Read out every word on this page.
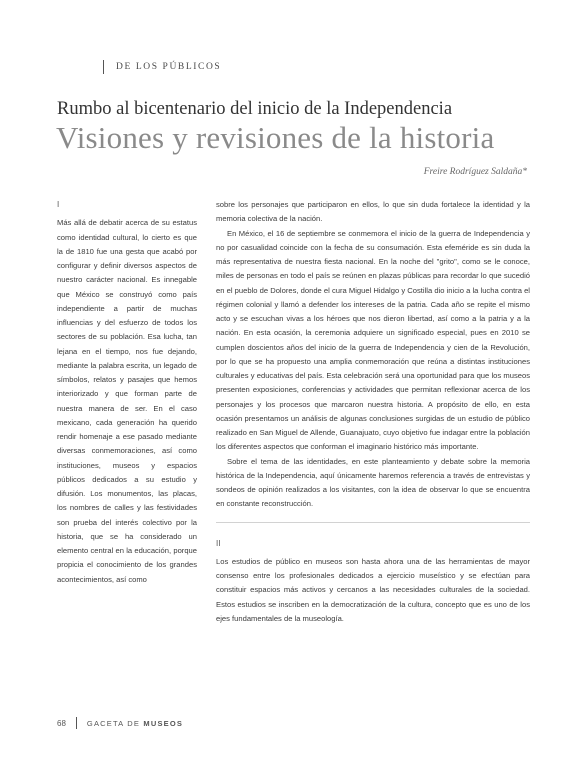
DE LOS PÚBLICOS
Rumbo al bicentenario del inicio de la Independencia
Visiones y revisiones de la historia
Freire Rodríguez Saldaña*
I

Más allá de debatir acerca de su estatus como identidad cultural, lo cierto es que la de 1810 fue una gesta que acabó por configurar y definir diversos aspectos de nuestro carácter nacional. Es innegable que México se construyó como país independiente a partir de muchas influencias y del esfuerzo de todos los sectores de su población. Esa lucha, tan lejana en el tiempo, nos fue dejando, mediante la palabra escrita, un legado de símbolos, relatos y pasajes que hemos interiorizado y que forman parte de nuestra manera de ser. En el caso mexicano, cada generación ha querido rendir homenaje a ese pasado mediante diversas conmemoraciones, así como instituciones, museos y espacios públicos dedicados a su estudio y difusión. Los monumentos, las placas, los nombres de calles y las festividades son prueba del interés colectivo por la historia, que se ha considerado un elemento central en la educación, porque propicia el conocimiento de los grandes acontecimientos, así como

sobre los personajes que participaron en ellos, lo que sin duda fortalece la identidad y la memoria colectiva de la nación.

En México, el 16 de septiembre se conmemora el inicio de la guerra de Independencia y no por casualidad coincide con la fecha de su consumación. Esta efeméride es sin duda la más representativa de nuestra fiesta nacional. En la noche del "grito", como se le conoce, miles de personas en todo el país se reúnen en plazas públicas para recordar lo que sucedió en el pueblo de Dolores, donde el cura Miguel Hidalgo y Costilla dio inicio a la lucha contra el régimen colonial y llamó a defender los intereses de la patria. Cada año se repite el mismo acto y se escuchan vivas a los héroes que nos dieron libertad, así como a la patria y a la nación. En esta ocasión, la ceremonia adquiere un significado especial, pues en 2010 se cumplen doscientos años del inicio de la guerra de Independencia y cien de la Revolución, por lo que se ha propuesto una amplia conmemoración que reúna a distintas instituciones culturales y educativas del país. Esta celebración será una oportunidad para que los museos presenten exposiciones, conferencias y actividades que permitan reflexionar acerca de los personajes y los procesos que marcaron nuestra historia. A propósito de ello, en esta ocasión presentamos un análisis de algunas conclusiones surgidas de un estudio de público realizado en San Miguel de Allende, Guanajuato, cuyo objetivo fue indagar entre la población los diferentes aspectos que conforman el imaginario histórico más importante.

Sobre el tema de las identidades, en este planteamiento y debate sobre la memoria histórica de la Independencia, aquí únicamente haremos referencia a través de entrevistas y sondeos de opinión realizados a los visitantes, con la idea de observar lo que se encuentra en constante reconstrucción.

II

Los estudios de público en museos son hasta ahora una de las herramientas de mayor consenso entre los profesionales dedicados a ejercicio museístico y se efectúan para constituir espacios más activos y cercanos a las necesidades culturales de la sociedad. Estos estudios se inscriben en la democratización de la cultura, concepto que es uno de los ejes fundamentales de la museología.

68	GACETA DE MUSEOS
